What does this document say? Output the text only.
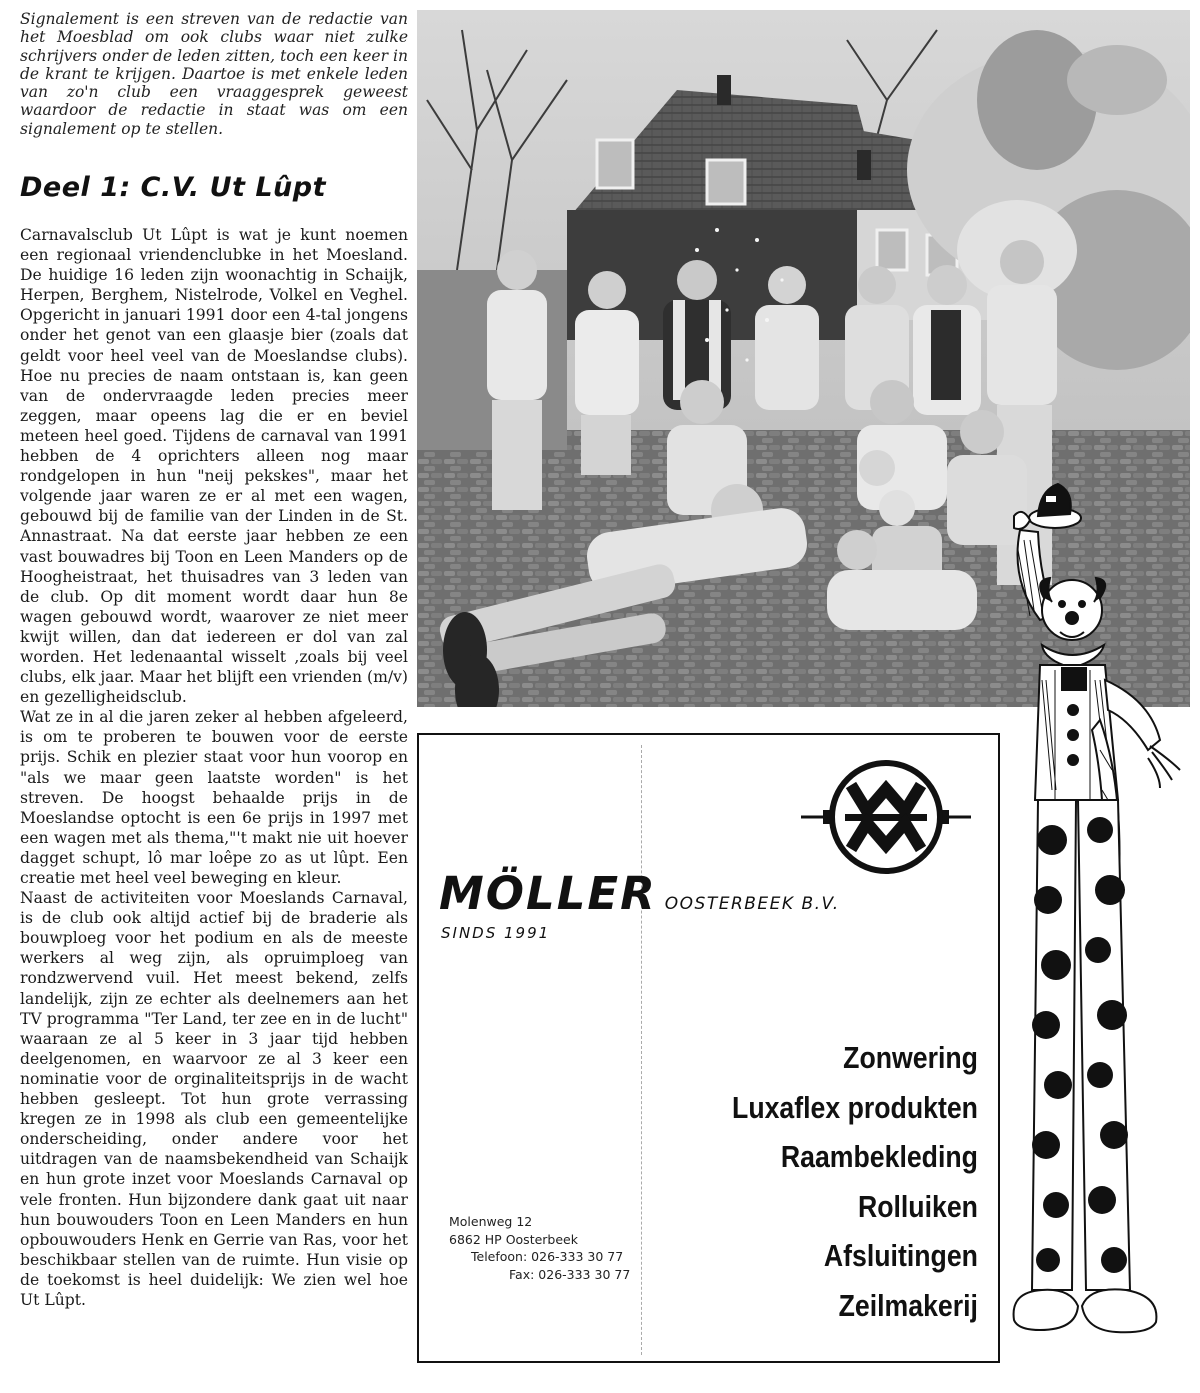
Signalement is een streven van de redactie van het Moesblad om ook clubs waar niet zulke schrijvers onder de leden zitten, toch een keer in de krant te krijgen. Daartoe is met enkele leden van zo'n club een vraaggesprek geweest waardoor de redactie in staat was om een signalement op te stellen.
Deel 1: C.V. Ut Lûpt

Carnavalsclub Ut Lûpt is wat je kunt noemen een regionaal vriendenclubke in het Moesland. De huidige 16 leden zijn woonachtig in Schaijk, Herpen, Berghem, Nistelrode, Volkel en Veghel. Opgericht in januari 1991 door een 4-tal jongens onder het genot van een glaasje bier (zoals dat geldt voor heel veel van de Moeslandse clubs). Hoe nu precies de naam ontstaan is, kan geen van de ondervraagde leden precies meer zeggen, maar opeens lag die er en beviel meteen heel goed. Tijdens de carnaval van 1991 hebben de 4 oprichters alleen nog maar rondgelopen in hun "neij pekskes", maar het volgende jaar waren ze er al met een wagen, gebouwd bij de familie van der Linden in de St. Annastraat. Na dat eerste jaar hebben ze een vast bouwadres bij Toon en Leen Manders op de Hoogheistraat, het thuisadres van 3 leden van de club. Op dit moment wordt daar hun 8e wagen gebouwd wordt, waarover ze niet meer kwijt willen, dan dat iedereen er dol van zal worden. Het ledenaantal wisselt ,zoals bij veel clubs, elk jaar. Maar het blijft een vrienden (m/v) en gezelligheidsclub.

Wat ze in al die jaren zeker al hebben afgeleerd, is om te proberen te bouwen voor de eerste prijs. Schik en plezier staat voor hun voorop en "als we maar geen laatste worden" is het streven. De hoogst behaalde prijs in de Moeslandse optocht is een 6e prijs in 1997 met een wagen met als thema,"'t makt nie uit hoever dagget schupt, lô mar loêpe zo as ut lûpt. Een creatie met heel veel beweging en kleur.

Naast de activiteiten voor Moeslands Carnaval, is de club ook altijd actief bij de braderie als bouwploeg voor het podium en als de meeste werkers al weg zijn, als opruimploeg van rondzwervend vuil. Het meest bekend, zelfs landelijk, zijn ze echter als deelnemers aan het TV programma "Ter Land, ter zee en in de lucht" waaraan ze al 5 keer in 3 jaar tijd hebben deelgenomen, en waarvoor ze al 3 keer een nominatie voor de orginaliteitsprijs in de wacht hebben gesleept. Tot hun grote verrassing kregen ze in 1998 als club een gemeentelijke onderscheiding, onder andere voor het uitdragen van de naamsbekendheid van Schaijk en hun grote inzet voor Moeslands Carnaval op vele fronten. Hun bijzondere dank gaat uit naar hun bouwouders Toon en Leen Manders en hun opbouwouders Henk en Gerrie van Ras, voor het beschikbaar stellen van de ruimte. Hun visie op de toekomst is heel duidelijk: We zien wel hoe Ut Lûpt.

MÖLLER OOSTERBEEK B.V.
SINDS 1991
Zonwering
Luxaflex produkten
Raambekleding
Rolluiken
Afsluitingen
Zeilmakerij
Molenweg 12
6862 HP Oosterbeek
Telefoon: 026-333 30 77
Fax: 026-333 30 77
